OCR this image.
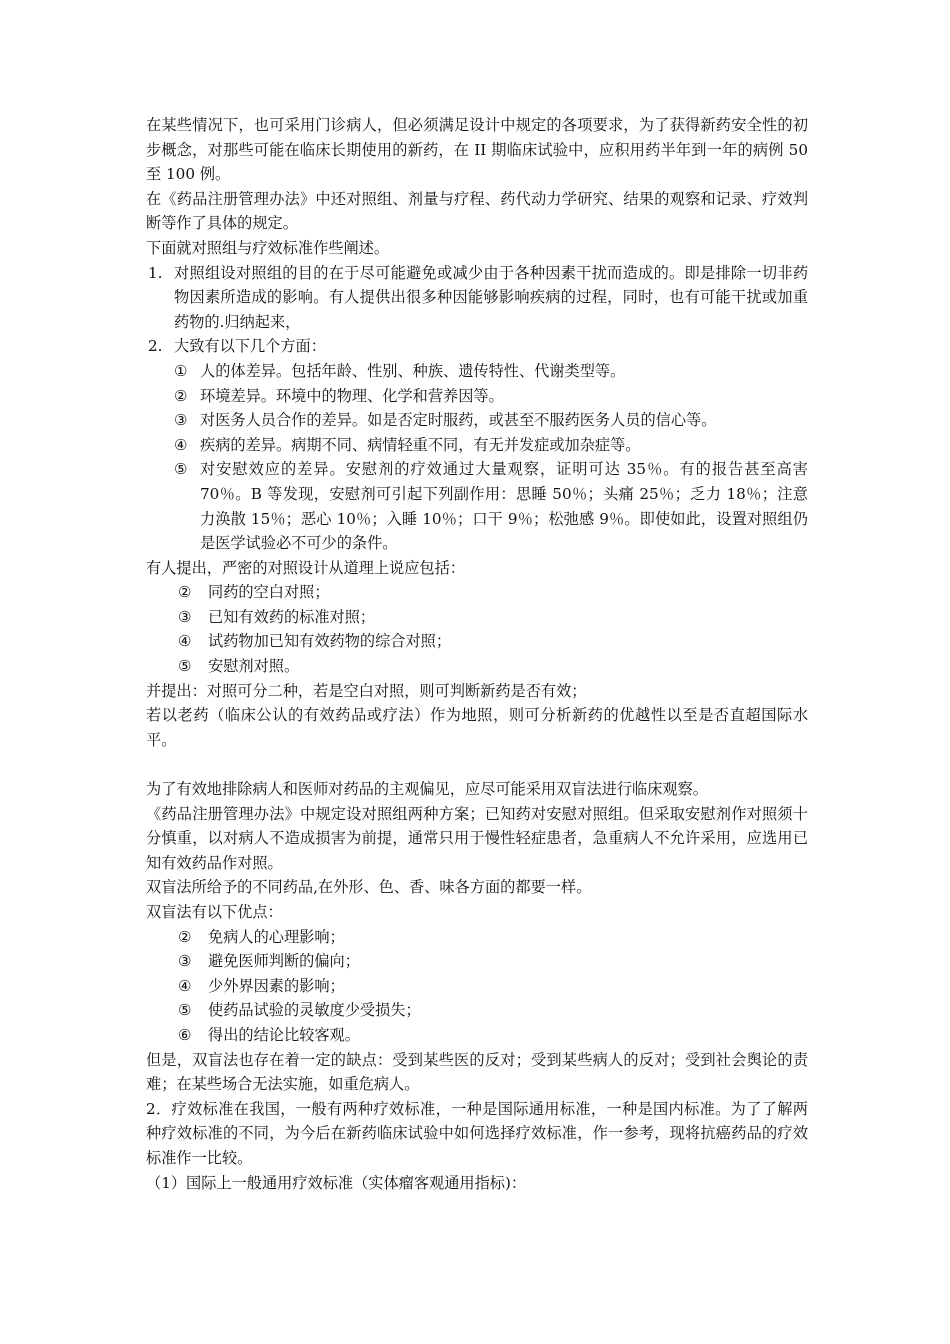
在某些情况下，也可采用门诊病人，但必须满足设计中规定的各项要求，为了获得新药安全性的初步概念，对那些可能在临床长期使用的新药，在 II 期临床试验中，应积用药半年到一年的病例 50 至 100 例。

在《药品注册管理办法》中还对照组、剂量与疗程、药代动力学研究、结果的观察和记录、疗效判断等作了具体的规定。

下面就对照组与疗效标准作些阐述。

1. 对照组设对照组的目的在于尽可能避免或减少由于各种因素干扰而造成的。即是排除一切非药物因素所造成的影响。有人提供出很多种因能够影响疾病的过程，同时，也有可能干扰或加重药物的.归纳起来，
2. 大致有以下几个方面：
① 人的体差异。包括年龄、性别、种族、遗传特性、代谢类型等。
② 环境差异。环境中的物理、化学和营养因等。
③ 对医务人员合作的差异。如是否定时服药，或甚至不服药医务人员的信心等。
④ 疾病的差异。病期不同、病情轻重不同，有无并发症或加杂症等。
⑤ 对安慰效应的差异。安慰剂的疗效通过大量观察，证明可达 35％。有的报告甚至高害 70％。B 等发现，安慰剂可引起下列副作用：思睡 50％；头痛 25％；乏力 18％；注意力涣散 15％；恶心 10％；入睡 10％；口干 9％；松弛感 9％。即使如此，设置对照组仍是医学试验必不可少的条件。

有人提出，严密的对照设计从道理上说应包括：

②	同药的空白对照；
③	已知有效药的标准对照；
④	试药物加已知有效药物的综合对照；
⑤	安慰剂对照。

并提出：对照可分二种，若是空白对照，则可判断新药是否有效；

若以老药（临床公认的有效药品或疗法）作为地照，则可分析新药的优越性以至是否直超国际水平。

为了有效地排除病人和医师对药品的主观偏见，应尽可能采用双盲法进行临床观察。

《药品注册管理办法》中规定设对照组两种方案；已知药对安慰对照组。但采取安慰剂作对照须十分慎重，以对病人不造成损害为前提，通常只用于慢性轻症患者，急重病人不允许采用，应选用已知有效药品作对照。

双盲法所给予的不同药品,在外形、色、香、味各方面的都要一样。

双盲法有以下优点：

②	免病人的心理影响；
③	避免医师判断的偏向；
④	少外界因素的影响；
⑤	使药品试验的灵敏度少受损失；
⑥	得出的结论比较客观。

但是，双盲法也存在着一定的缺点：受到某些医的反对；受到某些病人的反对；受到社会舆论的责难；在某些场合无法实施，如重危病人。

2．疗效标准在我国，一般有两种疗效标准，一种是国际通用标准，一种是国内标准。为了了解两种疗效标准的不同，为今后在新药临床试验中如何选择疗效标准，作一参考，现将抗癌药品的疗效标准作一比较。

（1）国际上一般通用疗效标准（实体瘤客观通用指标)：
